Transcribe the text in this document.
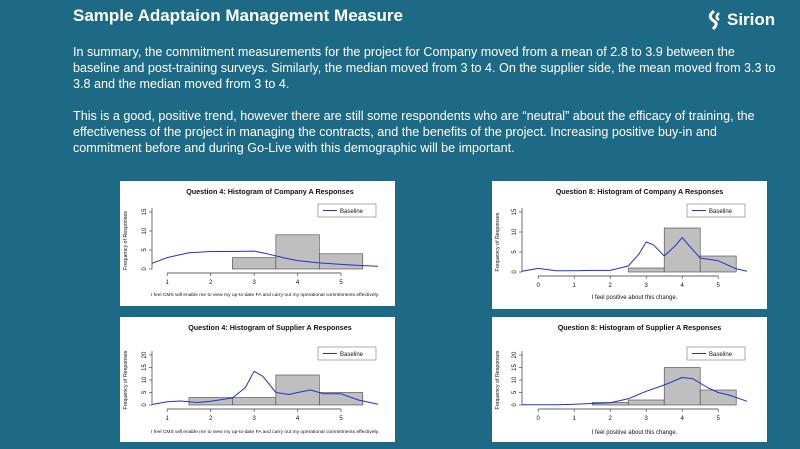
Sample Adaptaion Management Measure	Sirion
In summary, the commitment measurements for the project for Company moved from a mean of 2.8 to 3.9 between the baseline and post-training surveys. Similarly, the median moved from 3 to 4. On the supplier side, the mean moved from 3.3 to 3.8 and the median moved from 3 to 4.
This is a good, positive trend, however there are still some respondents who are “neutral” about the efficacy of training, the effectiveness of the project in managing the contracts, and the benefits of the project. Increasing positive buy-in and commitment before and during Go-Live with this demographic will be important.
Question 4: Histogram of Company A Responses
0
5
10
15
1	2	3	4	5
Frequency of Responses
I feel CMS will enable me to view my up-to-date FA and carry out my operational commitments effectively.
Baseline
Question 8: Histogram of Company A Responses
0
5
10
15
0	1	2	3	4	5
Frequency of Responses
I feel positive about this change.
Baseline
Question 4: Histogram of Supplier A Responses
0
5
10
15
20
1	2	3	4	5
Frequency of Responses
I feel CMS will enable me to view my up-to-date FA and carry out my operational commitments effectively.
Baseline
Question 8: Histogram of Supplier A Responses
0
5
10
15
20
0	1	2	3	4	5
Frequency of Responses
I feel positive about this change.
Baseline
